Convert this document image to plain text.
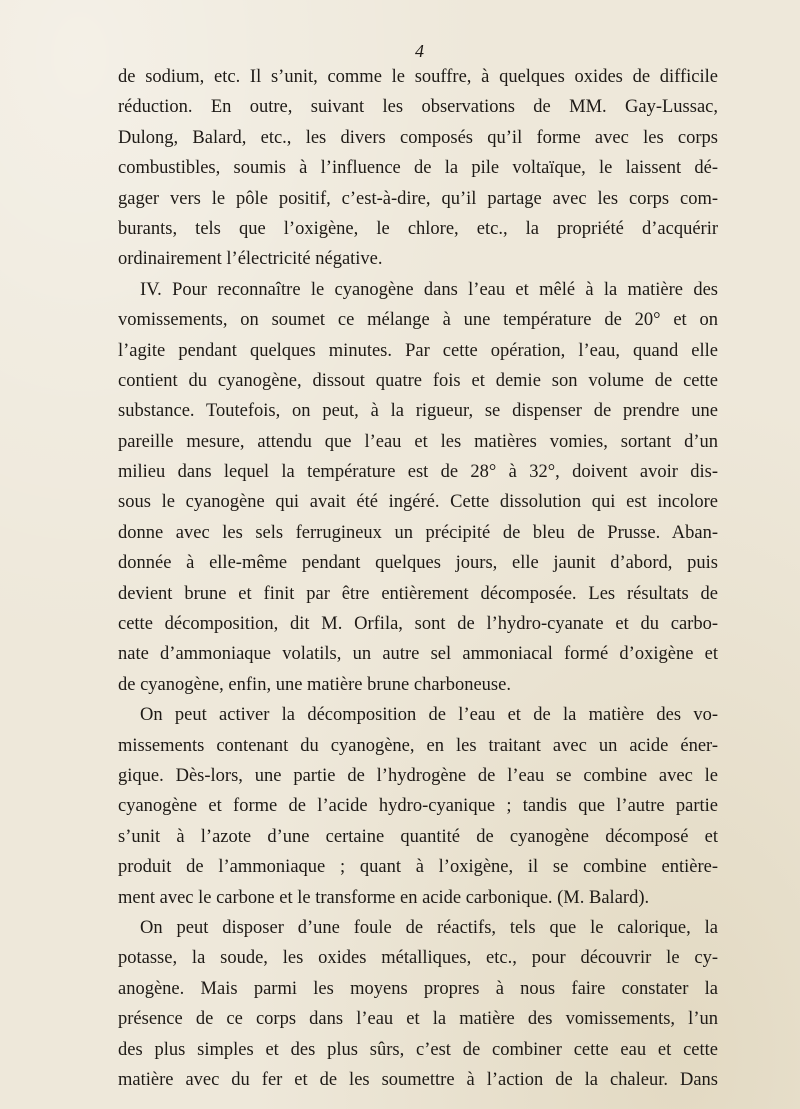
4
de sodium, etc. Il s’unit, comme le souffre, à quelques oxides de difficile
réduction. En outre, suivant les observations de MM. Gay-Lussac,
Dulong, Balard, etc., les divers composés qu’il forme avec les corps
combustibles, soumis à l’influence de la pile voltaïque, le laissent dé-
gager vers le pôle positif, c’est-à-dire, qu’il partage avec les corps com-
burants, tels que l’oxigène, le chlore, etc., la propriété d’acquérir
ordinairement l’électricité négative.
IV. Pour reconnaître le cyanogène dans l’eau et mêlé à la matière des
vomissements, on soumet ce mélange à une température de 20° et on
l’agite pendant quelques minutes. Par cette opération, l’eau, quand elle
contient du cyanogène, dissout quatre fois et demie son volume de cette
substance. Toutefois, on peut, à la rigueur, se dispenser de prendre une
pareille mesure, attendu que l’eau et les matières vomies, sortant d’un
milieu dans lequel la température est de 28° à 32°, doivent avoir dis-
sous le cyanogène qui avait été ingéré. Cette dissolution qui est incolore
donne avec les sels ferrugineux un précipité de bleu de Prusse. Aban-
donnée à elle-même pendant quelques jours, elle jaunit d’abord, puis
devient brune et finit par être entièrement décomposée. Les résultats de
cette décomposition, dit M. Orfila, sont de l’hydro-cyanate et du carbo-
nate d’ammoniaque volatils, un autre sel ammoniacal formé d’oxigène et
de cyanogène, enfin, une matière brune charboneuse.
On peut activer la décomposition de l’eau et de la matière des vo-
missements contenant du cyanogène, en les traitant avec un acide éner-
gique. Dès-lors, une partie de l’hydrogène de l’eau se combine avec le
cyanogène et forme de l’acide hydro-cyanique ; tandis que l’autre partie
s’unit à l’azote d’une certaine quantité de cyanogène décomposé et
produit de l’ammoniaque ; quant à l’oxigène, il se combine entière-
ment avec le carbone et le transforme en acide carbonique. (M. Balard).
On peut disposer d’une foule de réactifs, tels que le calorique, la
potasse, la soude, les oxides métalliques, etc., pour découvrir le cy-
anogène. Mais parmi les moyens propres à nous faire constater la
présence de ce corps dans l’eau et la matière des vomissements, l’un
des plus simples et des plus sûrs, c’est de combiner cette eau et cette
matière avec du fer et de les soumettre à l’action de la chaleur. Dans
